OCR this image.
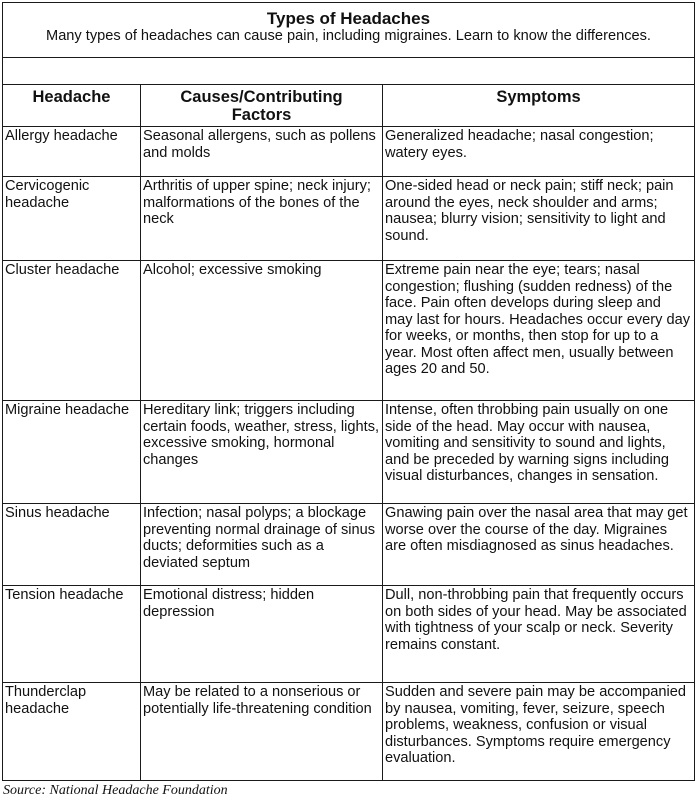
Types of Headaches
Many types of headaches can cause pain, including migraines. Learn to know the differences.		

Headache	Causes/Contributing Factors	Symptoms
Allergy headache	Seasonal allergens, such as pollens and molds	Generalized headache; nasal congestion; watery eyes.
Cervicogenic headache	Arthritis of upper spine; neck injury; malformations of the bones of the neck	One-sided head or neck pain; stiff neck; pain around the eyes, neck shoulder and arms; nausea; blurry vision; sensitivity to light and sound.
Cluster headache	Alcohol; excessive smoking	Extreme pain near the eye; tears; nasal congestion; flushing (sudden redness) of the face. Pain often develops during sleep and may last for hours. Headaches occur every day for weeks, or months, then stop for up to a year. Most often affect men, usually between ages 20 and 50.
Migraine headache	Hereditary link; triggers including certain foods, weather, stress, lights, excessive smoking, hormonal changes	Intense, often throbbing pain usually on one side of the head. May occur with nausea, vomiting and sensitivity to sound and lights, and be preceded by warning signs including visual disturbances, changes in sensation.
Sinus headache	Infection; nasal polyps; a blockage preventing normal drainage of sinus ducts; deformities such as a deviated septum	Gnawing pain over the nasal area that may get worse over the course of the day. Migraines are often misdiagnosed as sinus headaches.
Tension headache	Emotional distress; hidden depression	Dull, non-throbbing pain that frequently occurs on both sides of your head. May be associated with tightness of your scalp or neck. Severity remains constant.
Thunderclap headache	May be related to a nonserious or potentially life-threatening condition	Sudden and severe pain may be accompanied by nausea, vomiting, fever, seizure, speech problems, weakness, confusion or visual disturbances. Symptoms require emergency evaluation.
Source: National Headache Foundation
